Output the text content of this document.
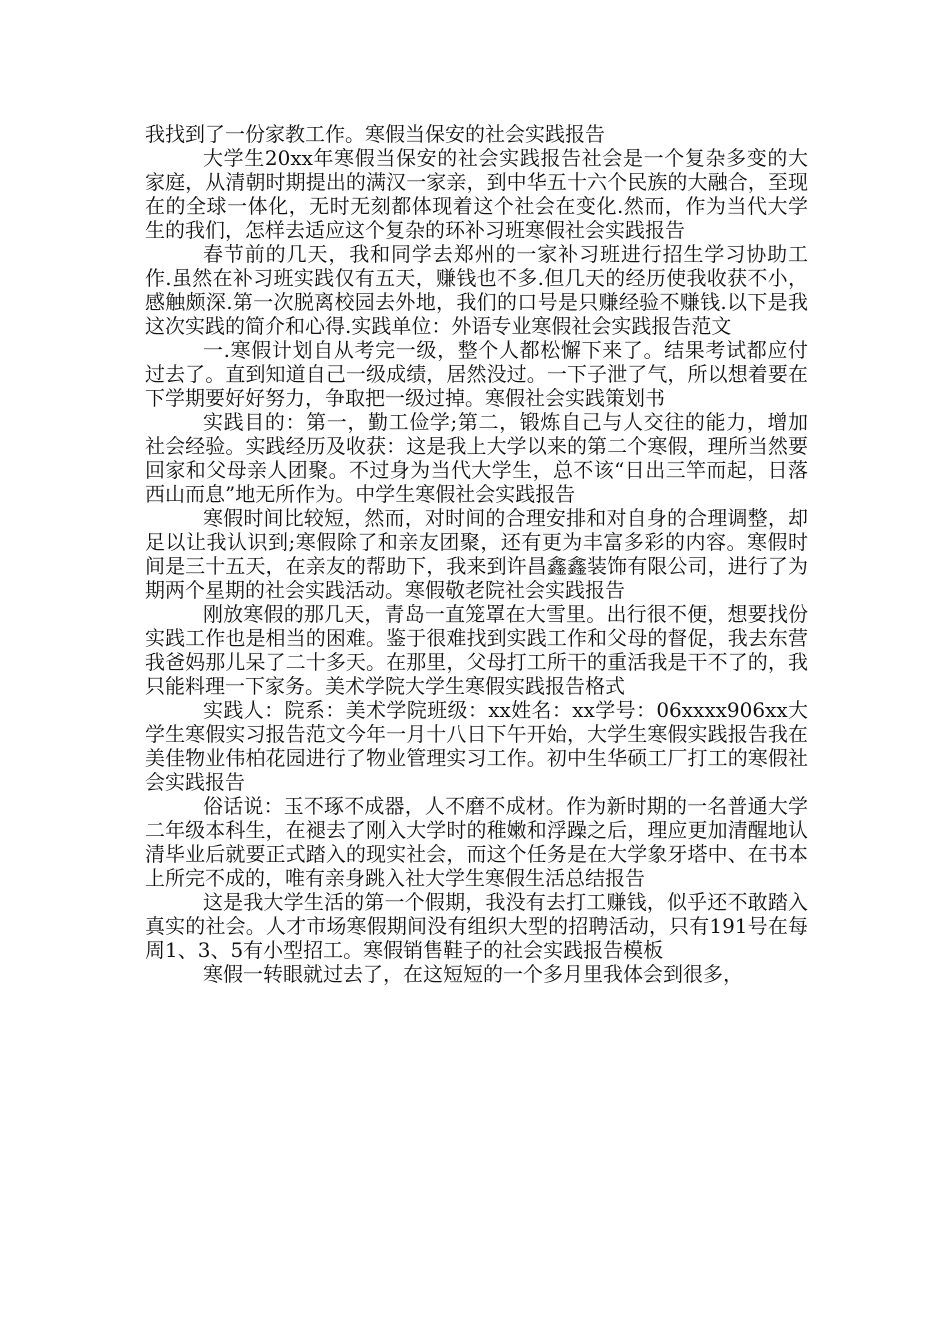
我找到了一份家教工作。寒假当保安的社会实践报告

大学生20xx年寒假当保安的社会实践报告社会是一个复杂多变的大家庭，从清朝时期提出的满汉一家亲，到中华五十六个民族的大融合，至现在的全球一体化，无时无刻都体现着这个社会在变化.然而，作为当代大学生的我们，怎样去适应这个复杂的环补习班寒假社会实践报告

春节前的几天，我和同学去郑州的一家补习班进行招生学习协助工作.虽然在补习班实践仅有五天，赚钱也不多.但几天的经历使我收获不小，感触颇深.第一次脱离校园去外地，我们的口号是只赚经验不赚钱.以下是我这次实践的简介和心得.实践单位：外语专业寒假社会实践报告范文

一.寒假计划自从考完一级，整个人都松懈下来了。结果考试都应付过去了。直到知道自己一级成绩，居然没过。一下子泄了气，所以想着要在下学期要好好努力，争取把一级过掉。寒假社会实践策划书

实践目的：第一，勤工俭学;第二，锻炼自己与人交往的能力，增加社会经验。实践经历及收获：这是我上大学以来的第二个寒假，理所当然要回家和父母亲人团聚。不过身为当代大学生，总不该“日出三竿而起，日落西山而息”地无所作为。中学生寒假社会实践报告

寒假时间比较短，然而，对时间的合理安排和对自身的合理调整，却足以让我认识到;寒假除了和亲友团聚，还有更为丰富多彩的内容。寒假时间是三十五天，在亲友的帮助下，我来到许昌鑫鑫装饰有限公司，进行了为期两个星期的社会实践活动。寒假敬老院社会实践报告

刚放寒假的那几天，青岛一直笼罩在大雪里。出行很不便，想要找份实践工作也是相当的困难。鉴于很难找到实践工作和父母的督促，我去东营我爸妈那儿呆了二十多天。在那里，父母打工所干的重活我是干不了的，我只能料理一下家务。美术学院大学生寒假实践报告格式

实践人：院系：美术学院班级：xx姓名：xx学号：06xxxx906xx大学生寒假实习报告范文今年一月十八日下午开始，大学生寒假实践报告我在美佳物业伟柏花园进行了物业管理实习工作。初中生华硕工厂打工的寒假社会实践报告

俗话说：玉不琢不成器，人不磨不成材。作为新时期的一名普通大学二年级本科生，在褪去了刚入大学时的稚嫩和浮躁之后，理应更加清醒地认清毕业后就要正式踏入的现实社会，而这个任务是在大学象牙塔中、在书本上所完不成的，唯有亲身跳入社大学生寒假生活总结报告

这是我大学生活的第一个假期，我没有去打工赚钱，似乎还不敢踏入真实的社会。人才市场寒假期间没有组织大型的招聘活动，只有191号在每周1、3、5有小型招工。寒假销售鞋子的社会实践报告模板

寒假一转眼就过去了，在这短短的一个多月里我体会到很多，
